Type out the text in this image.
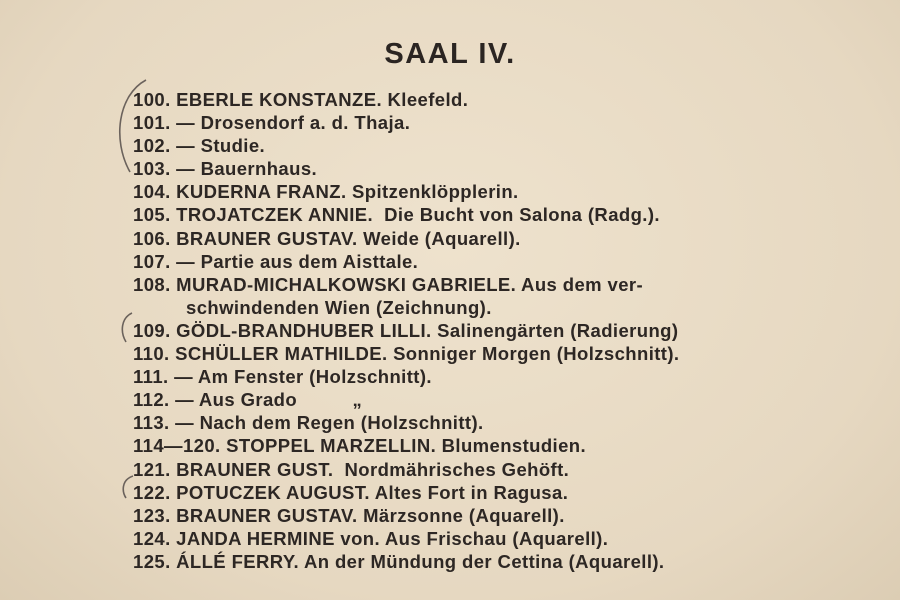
SAAL IV.
100. EBERLE KONSTANZE. Kleefeld.
101. — Drosendorf a. d. Thaja.
102. — Studie.
103. — Bauernhaus.
104. KUDERNA FRANZ. Spitzenklöpplerin.
105. TROJATCZEK ANNIE.  Die Bucht von Salona (Radg.).
106. BRAUNER GUSTAV. Weide (Aquarell).
107. — Partie aus dem Aisttale.
108. MURAD-MICHALKOWSKI GABRIELE. Aus dem ver-
schwindenden Wien (Zeichnung).
109. GÖDL-BRANDHUBER LILLI. Salinengärten (Radierung)
110. SCHÜLLER MATHILDE. Sonniger Morgen (Holzschnitt).
111. — Am Fenster (Holzschnitt).
112. — Aus Grado          „
113. — Nach dem Regen (Holzschnitt).
114—120. STOPPEL MARZELLIN. Blumenstudien.
121. BRAUNER GUST.  Nordmährisches Gehöft.
122. POTUCZEK AUGUST. Altes Fort in Ragusa.
123. BRAUNER GUSTAV. Märzsonne (Aquarell).
124. JANDA HERMINE von. Aus Frischau (Aquarell).
125. ÁLLÉ FERRY. An der Mündung der Cettina (Aquarell).
